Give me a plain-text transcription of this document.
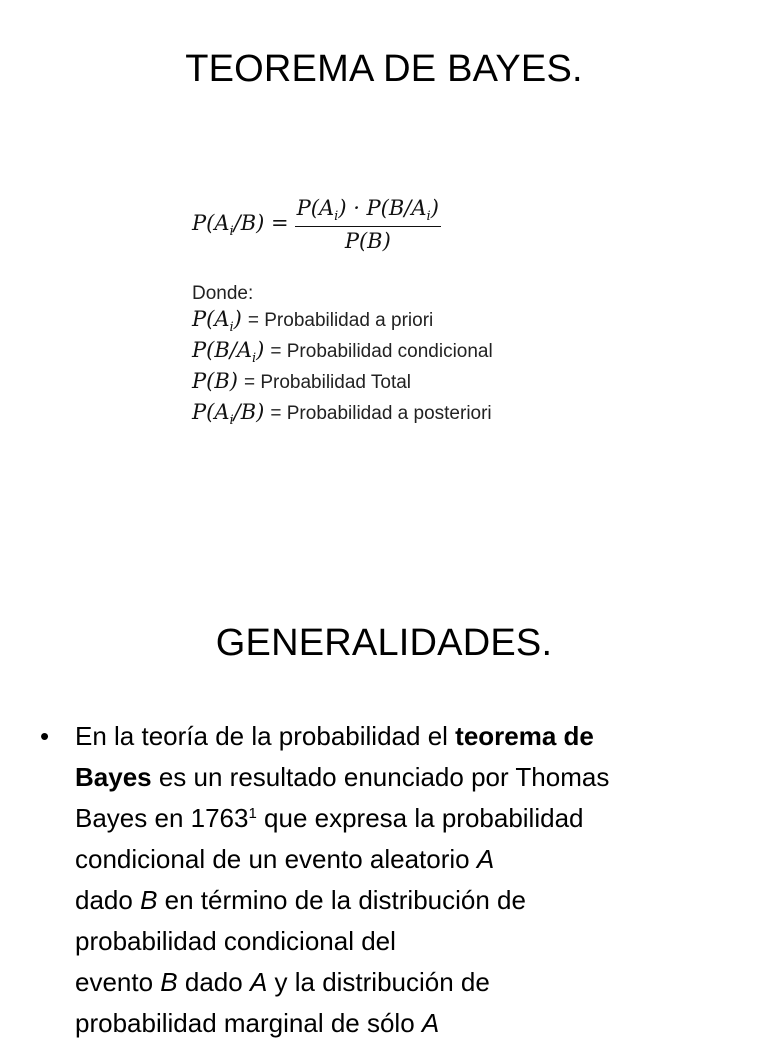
TEOREMA DE BAYES.
$P(A_i/B) = \frac{P(A_i) \cdot P(B/A_i)}{P(B)}$
Donde:
$P(A_i)$ = Probabilidad a priori
$P(B/A_i)$ = Probabilidad condicional
P(B) = Probabilidad Total
$P(A_i/B)$ = Probabilidad a posteriori
GENERALIDADES.
• En la teoría de la probabilidad el teorema de
Bayes es un resultado enunciado por Thomas
Bayes en 1763$^1$ que expresa la probabilidad
condicional de un evento aleatorio A
dado B en término de la distribución de
probabilidad condicional del
evento B dado A y la distribución de
probabilidad marginal de sólo A
